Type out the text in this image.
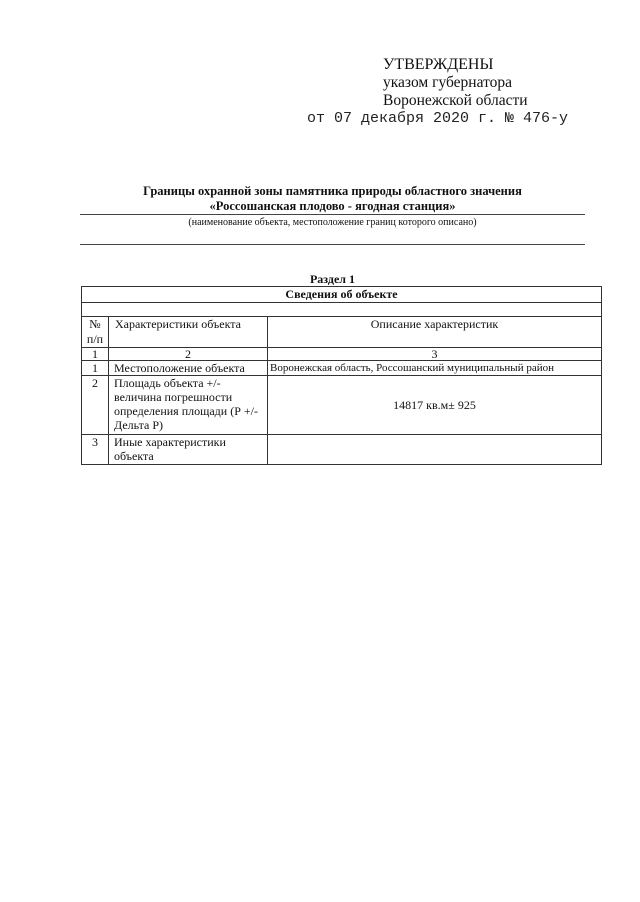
УТВЕРЖДЕНЫ
указом губернатора
Воронежской области
от 07 декабря 2020 г. № 476-у
Границы охранной зоны памятника природы областного значения
«Россошанская плодово - ягодная станция»
(наименование объекта, местоположение границ которого описано)
Раздел 1
Сведения об объекте		

№ п/п	Характеристики объекта	Описание характеристик
1	2	3
1	Местоположение объекта	Воронежская область, Россошанский муниципальный район
2	Площадь объекта +/- величина погрешности определения площади (Р +/- Дельта Р)	14817 кв.м± 925
3	Иные характеристики объекта	
